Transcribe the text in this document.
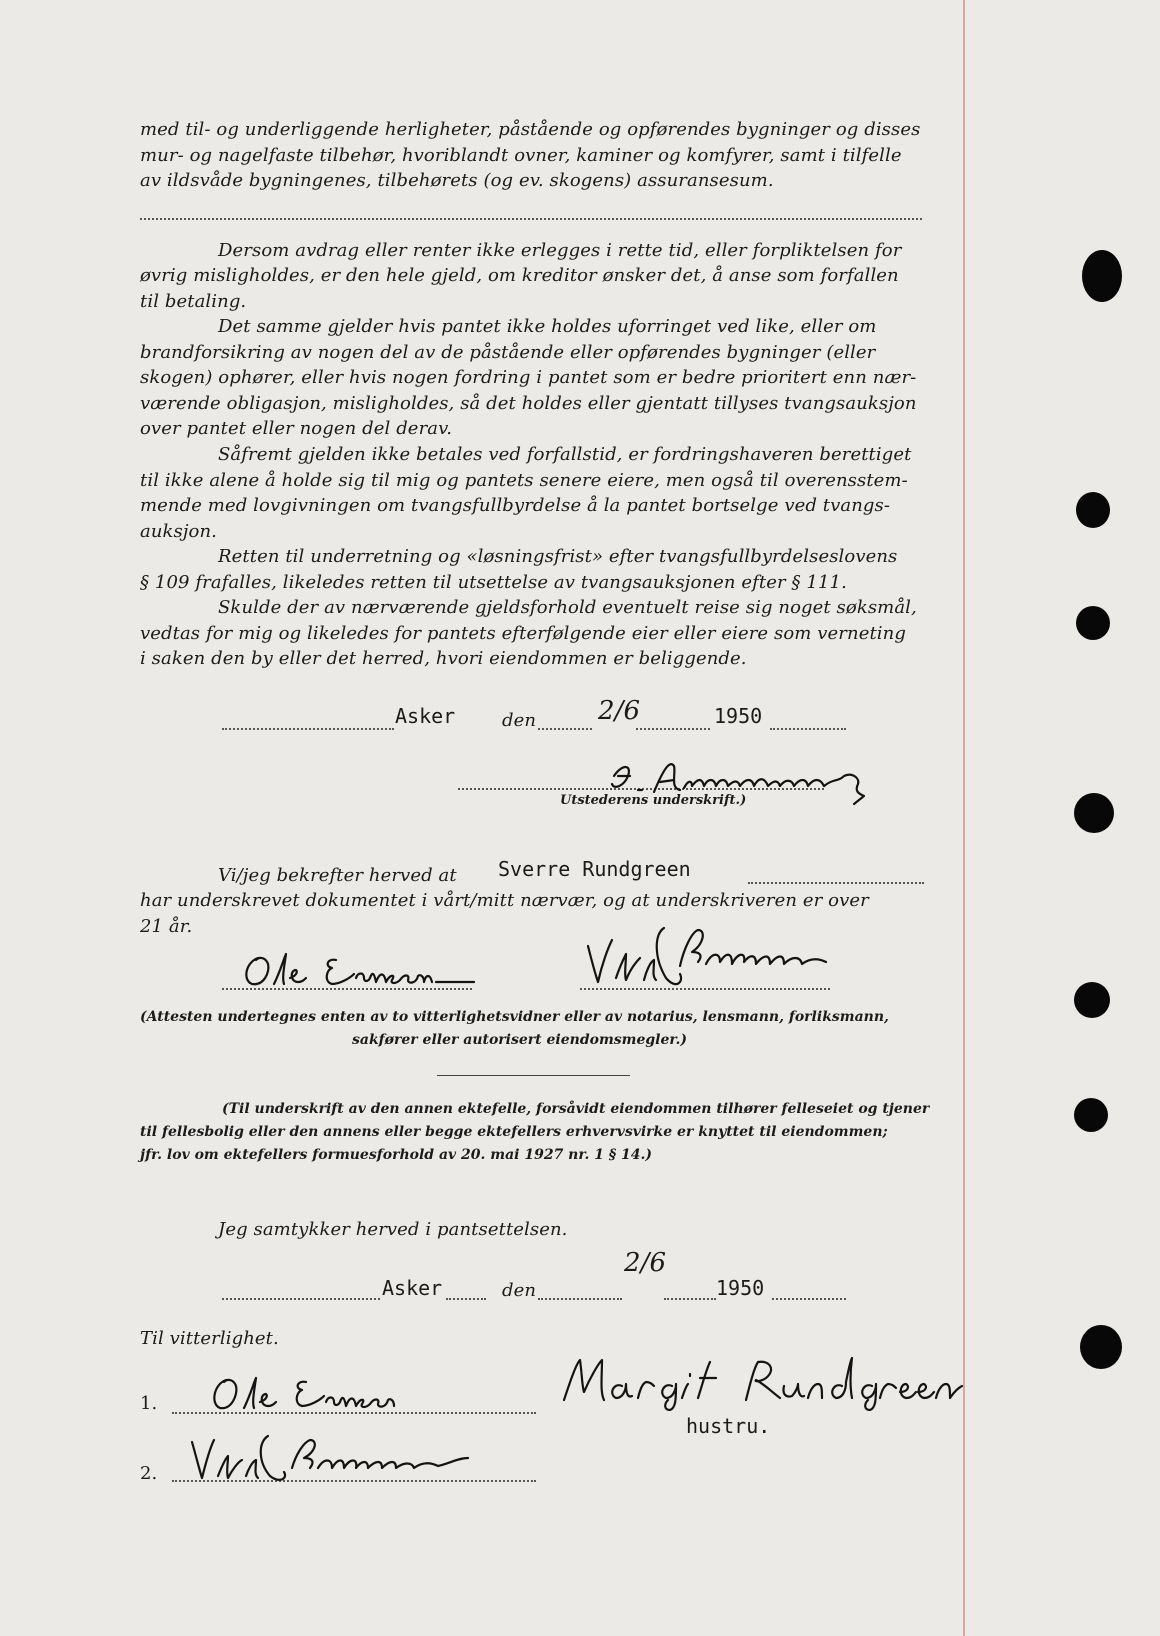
med til- og underliggende herligheter, påstående og opførendes bygninger og disses
mur- og nagelfaste tilbehør, hvoriblandt ovner, kaminer og komfyrer, samt i tilfelle
av ildsvåde bygningenes, tilbehørets (og ev. skogens) assuransesum.
Dersom avdrag eller renter ikke erlegges i rette tid, eller forpliktelsen for
øvrig misligholdes, er den hele gjeld, om kreditor ønsker det, å anse som forfallen
til betaling.
Det samme gjelder hvis pantet ikke holdes uforringet ved like, eller om
brandforsikring av nogen del av de påstående eller opførendes bygninger (eller
skogen) ophører, eller hvis nogen fordring i pantet som er bedre prioritert enn nær-
værende obligasjon, misligholdes, så det holdes eller gjentatt tillyses tvangsauksjon
over pantet eller nogen del derav.
Såfremt gjelden ikke betales ved forfallstid, er fordringshaveren berettiget
til ikke alene å holde sig til mig og pantets senere eiere, men også til overensstem-
mende med lovgivningen om tvangsfullbyrdelse å la pantet bortselge ved tvangs-
auksjon.
Retten til underretning og «løsningsfrist» efter tvangsfullbyrdelseslovens
§ 109 frafalles, likeledes retten til utsettelse av tvangsauksjonen efter § 111.
Skulde der av nærværende gjeldsforhold eventuelt reise sig noget søksmål,
vedtas for mig og likeledes for pantets efterfølgende eier eller eiere som verneting
i saken den by eller det herred, hvori eiendommen er beliggende.
Asker	den 2/6	1950
Utstederens underskrift.)
Vi/jeg bekrefter herved at Sverre Rundgreen
har underskrevet dokumentet i vårt/mitt nærvær, og at underskriveren er over
21 år.
(Attesten undertegnes enten av to vitterlighetsvidner eller av notarius, lensmann, forliksmann,
sakfører eller autorisert eiendomsmegler.)
(Til underskrift av den annen ektefelle, forsåvidt eiendommen tilhører felleseiet og tjener
til fellesbolig eller den annens eller begge ektefellers erhvervsvirke er knyttet til eiendommen;
jfr. lov om ektefellers formuesforhold av 20. mai 1927 nr. 1 § 14.)
Jeg samtykker herved i pantsettelsen.
Asker	den
2/6
1950
Til vitterlighet.
1.
hustru.
2.
